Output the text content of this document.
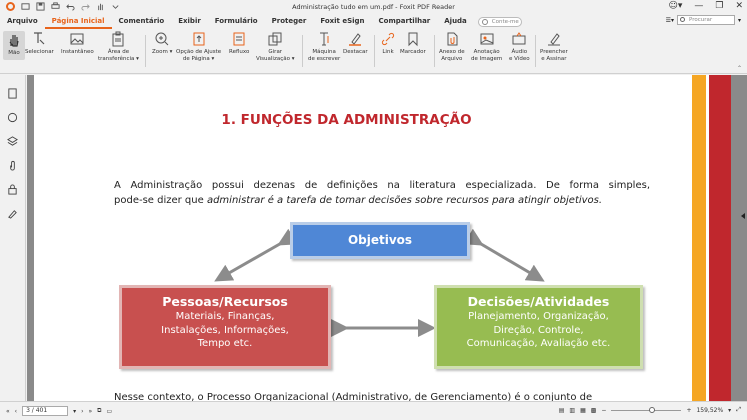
Administração tudo em um.pdf - Foxit PDF Reader	☺▾ — ❐ ✕
Arquivo	Página Inicial	Comentário	Exibir	Formulário	Proteger	Foxit eSign	Compartilhar	Ajuda	Conte-me	☰▾	Procurar	▾
Mão Selecionar Instantâneo	Área de
transferência ▾
Zoom ▾ Opção de Ajuste
de Página ▾
Refluxo	Girar
Visualização ▾
Máquina
de escrever
Destacar	Link	Marcador Anexo de
Arquivo
Anotação
de Imagem
Áudio
e Vídeo
Preencher
e Assinar
⌃
1. FUNÇÕES DA ADMINISTRAÇÃO
A Administração possui dezenas de definições na literatura especializada. De forma simples,
pode-se dizer que administrar é a tarefa de tomar decisões sobre recursos para atingir objetivos.
Objetivos
Pessoas/Recursos
Materiais, Finanças,
Instalações, Informações,
Tempo etc.
Decisões/Atividades
Planejamento, Organização,
Direção, Controle,
Comunicação, Avaliação etc.
Nesse contexto, o Processo Organizacional (Administrativo, de Gerenciamento) é o conjunto de
« ‹	3 / 401	▾ › » ⧉ ▭	▤ ▥ ▦ ▩ −	+ 159,52% ▾ ⤢
